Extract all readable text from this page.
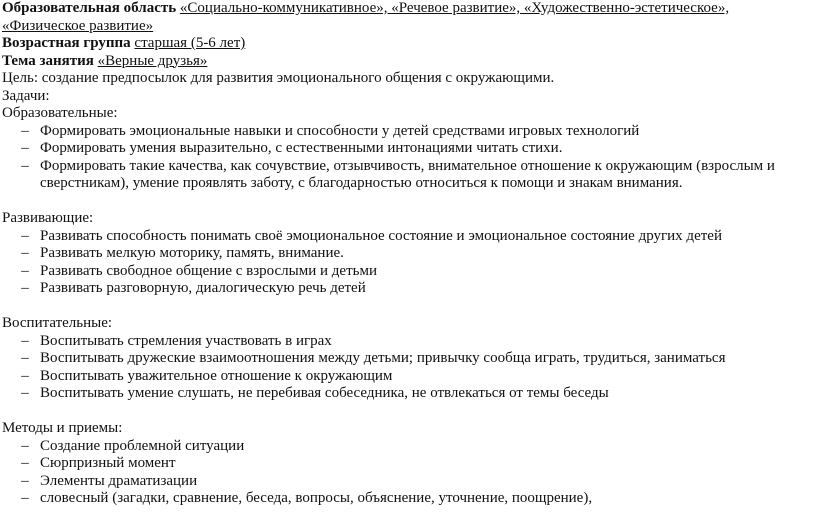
Образовательная область «Социально-коммуникативное», «Речевое развитие», «Художественно-эстетическое», «Физическое развитие»
Возрастная группа старшая (5-6 лет)
Тема занятия «Верные друзья»
Цель: создание предпосылок для развития эмоционального общения с окружающими.
Задачи:
Образовательные:
– Формировать эмоциональные навыки и способности у детей средствами игровых технологий
– Формировать умения выразительно, с естественными интонациями читать стихи.
– Формировать такие качества, как сочувствие, отзывчивость, внимательное отношение к окружающим (взрослым и сверстникам), умение проявлять заботу, с благодарностью относиться к помощи и знакам внимания.
Развивающие:
– Развивать способность понимать своё эмоциональное состояние и эмоциональное состояние других детей
– Развивать мелкую моторику, память, внимание.
– Развивать свободное общение с взрослыми и детьми
– Развивать разговорную, диалогическую речь детей
Воспитательные:
– Воспитывать стремления участвовать в играх
– Воспитывать дружеские взаимоотношения между детьми; привычку сообща играть, трудиться, заниматься
– Воспитывать уважительное отношение к окружающим
– Воспитывать умение слушать, не перебивая собеседника, не отвлекаться от темы беседы
Методы и приемы:
– Создание проблемной ситуации
– Сюрпризный момент
– Элементы драматизации
– словесный (загадки, сравнение, беседа, вопросы, объяснение, уточнение, поощрение),
